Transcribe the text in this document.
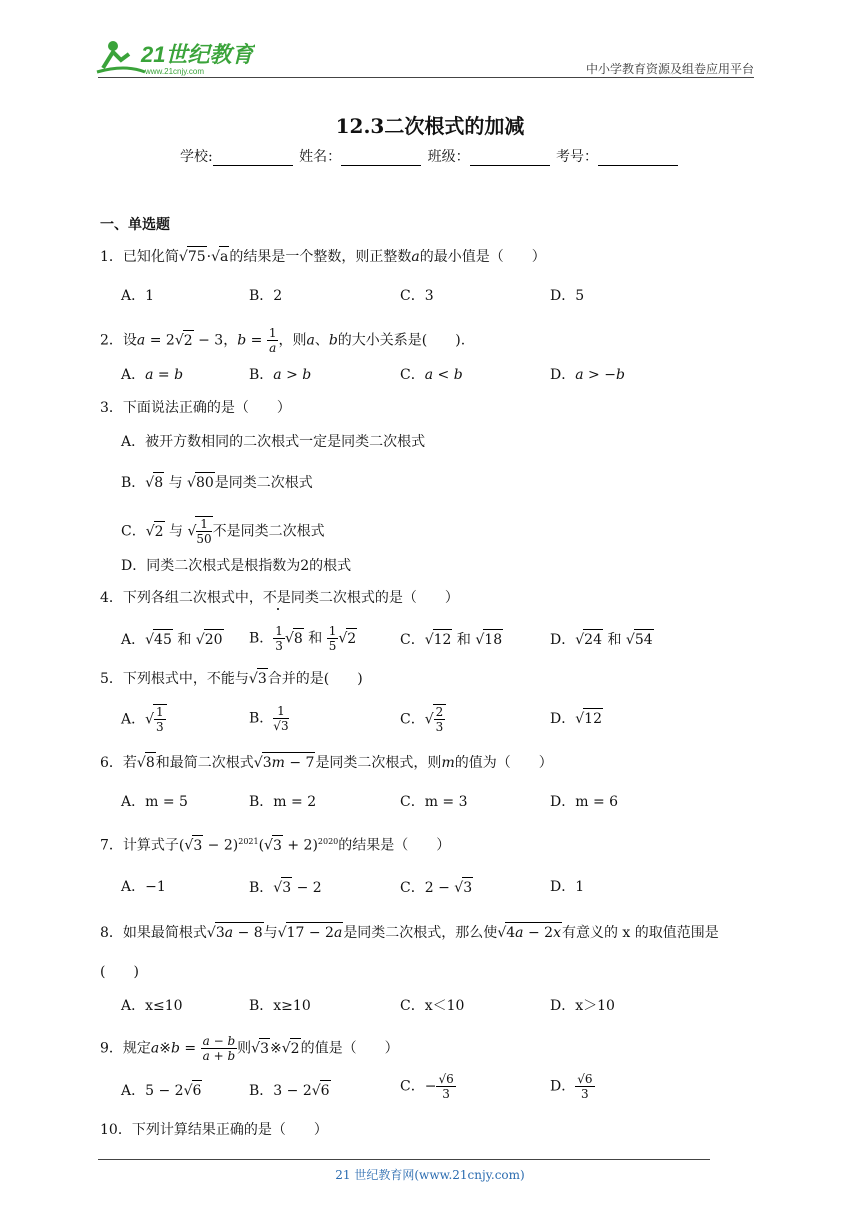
21世纪教育
www.21cnjy.com	中小学教育资源及组卷应用平台
12.3二次根式的加减
学校:	姓名：	班级：	考号：
一、单选题
1．已知化简√75·√a的结果是一个整数，则正整数a的最小值是（　　）
A．1	B．2	C．3	D．5
2．设a = 2√2 − 3，$b = \frac{1}{a}$ ，则a、b的大小关系是(　　).
A．a = b	B．a > b	C．a < b	D．a > −b
3．下面说法正确的是（　　）
A．被开方数相同的二次根式一定是同类二次根式
B．√8 与 √80是同类二次根式
C．√2 与 √ $\frac{1}{50}$ 不是同类二次根式
D．同类二次根式是根指数为2的根式
4．下列各组二次根式中，不是同类二次根式的是（　　）
A．√45 和 √20 B． $\frac{1}{3} √8$ 和 $\frac{1}{5} √2$	C．√12 和 √18	D．√24 和 √54
5．下列根式中，不能与√3合并的是(　　)
A．√ $\frac{1}{3}$	B． $\frac{1}{√3}$	C．√ $\frac{2}{3}$	D．√12
6．若√8和最简二次根式√3m − 7是同类二次根式，则m的值为（　　）
A．m = 5	B．m = 2	C．m = 3	D．m = 6
7．计算式子$(√3 - 2)^{2021}(√3 + 2)^{2020}$的结果是（　　）
A．−1	B．√3 − 2	C．2 − √3	D．1
8．如果最简根式√3a − 8与√17 − 2a是同类二次根式，那么使√4a − 2x有意义的 x 的取值范围是
(　　)
A．x≤10	B．x≥10	C．x＜10	D．x＞10
9．规定a※b = $\frac{a - b}{a + b}$ 则√3※√2的值是（　　）
A．5 − 2√6	B．3 − 2√6	C．− $\frac{√6}{3}$	D． $\frac{√6}{3}$
10．下列计算结果正确的是（　　）
21 世纪教育网(www.21cnjy.com)
